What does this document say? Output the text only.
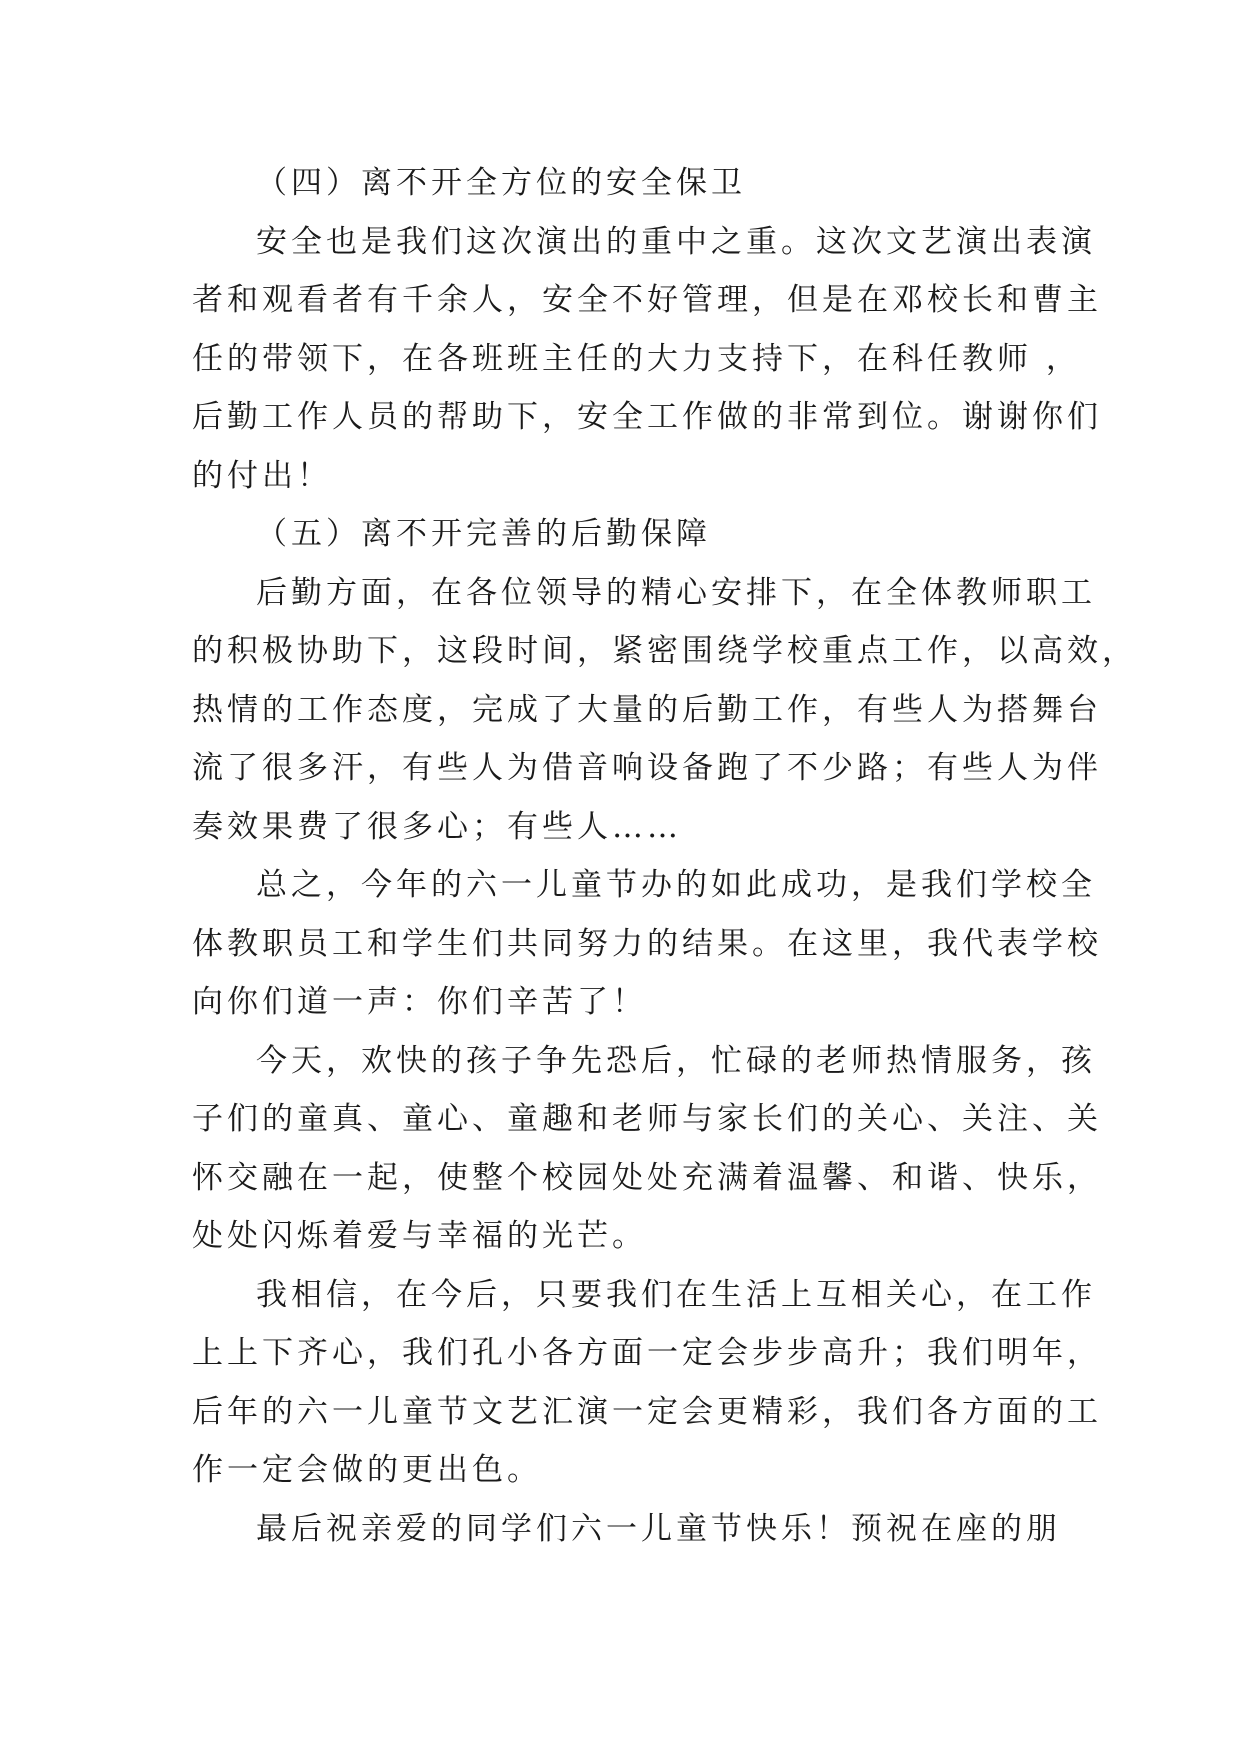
（四）离不开全方位的安全保卫
安全也是我们这次演出的重中之重。这次文艺演出表演
者和观看者有千余人，安全不好管理，但是在邓校长和曹主
任的带领下，在各班班主任的大力支持下，在科任教师 ，
后勤工作人员的帮助下，安全工作做的非常到位。谢谢你们
的付出！
（五）离不开完善的后勤保障
后勤方面，在各位领导的精心安排下，在全体教师职工
的积极协助下，这段时间，紧密围绕学校重点工作，以高效，
热情的工作态度，完成了大量的后勤工作，有些人为搭舞台
流了很多汗，有些人为借音响设备跑了不少路；有些人为伴
奏效果费了很多心；有些人……
总之，今年的六一儿童节办的如此成功，是我们学校全
体教职员工和学生们共同努力的结果。在这里，我代表学校
向你们道一声：你们辛苦了！
今天，欢快的孩子争先恐后，忙碌的老师热情服务，孩
子们的童真、童心、童趣和老师与家长们的关心、关注、关
怀交融在一起，使整个校园处处充满着温馨、和谐、快乐，
处处闪烁着爱与幸福的光芒。
我相信，在今后，只要我们在生活上互相关心，在工作
上上下齐心，我们孔小各方面一定会步步高升；我们明年，
后年的六一儿童节文艺汇演一定会更精彩，我们各方面的工
作一定会做的更出色。
最后祝亲爱的同学们六一儿童节快乐！预祝在座的朋
